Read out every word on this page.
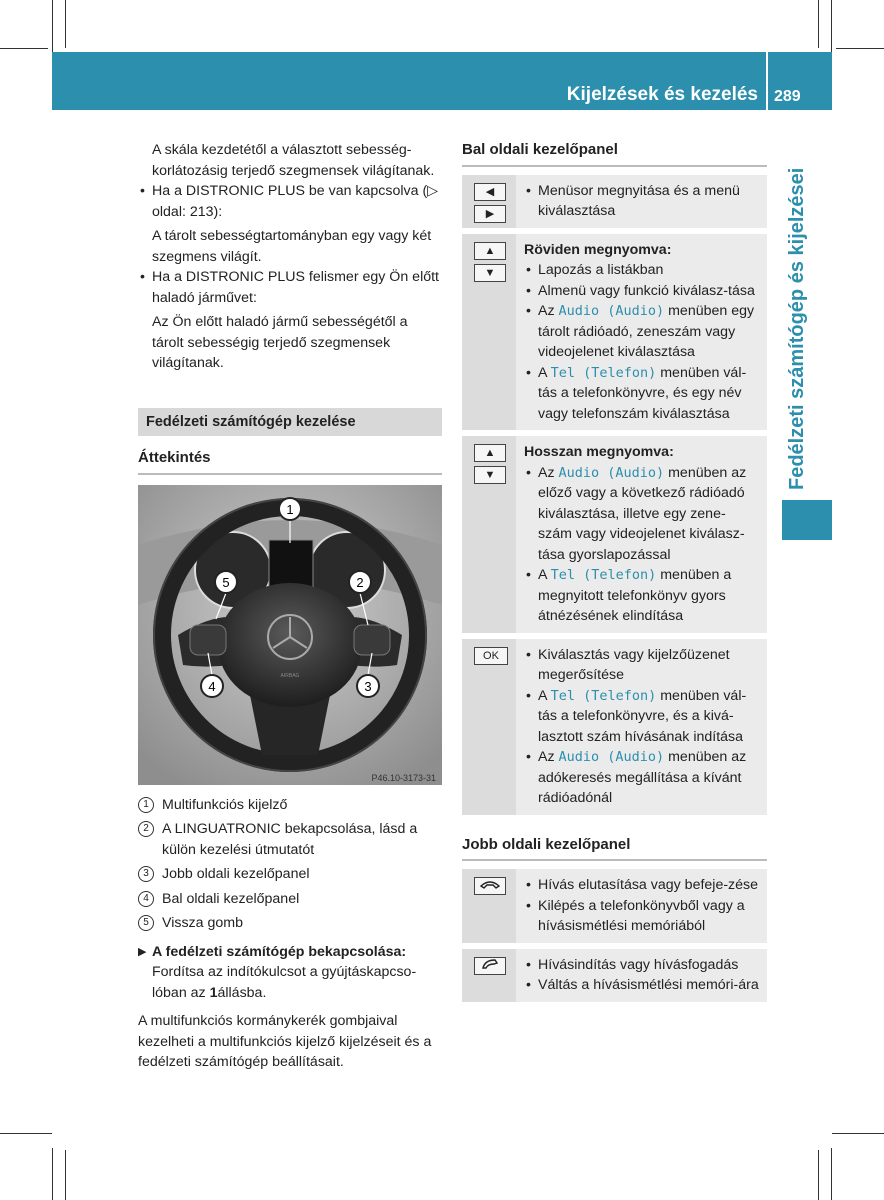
Kijelzések és kezelés 289
Fedélzeti számítógép és kijelzései

A skála kezdetétől a választott sebesség-korlátozásig terjedő szegmensek világítanak.

• Ha a DISTRONIC PLUS be van kapcsolva (▷ oldal: 213):

A tárolt sebességtartományban egy vagy két szegmens világít.

• Ha a DISTRONIC PLUS felismer egy Ön előtt haladó járművet:

Az Ön előtt haladó jármű sebességétől a tárolt sebességig terjedő szegmensek világítanak.

Fedélzeti számítógép kezelése
Áttekintés
AIRBAG
1
2
3
4
5
P46.10-3173-31
1 Multifunkciós kijelző
2 A LINGUATRONIC bekapcsolása, lásd a külön kezelési útmutatót
3 Jobb oldali kezelőpanel
4 Bal oldali kezelőpanel
5 Vissza gomb
▶ A fedélzeti számítógép bekapcsolása:
Fordítsa az indítókulcsot a gyújtáskapcso-lóban az 1állásba.

A multifunkciós kormánykerék gombjaival kezelheti a multifunkciós kijelző kijelzéseit és a fedélzeti számítógép beállításait.

Bal oldali kezelőpanel
◀
▶
• Menüsor megnyitása és a menü kiválasztása
▲
▼
Röviden megnyomva:
• Lapozás a listákban
• Almenü vagy funkció kiválasz-tása
• Az Audio (Audio) menüben egy tárolt rádióadó, zeneszám vagy videojelenet kiválasztása
• A Tel (Telefon) menüben vál-tás a telefonkönyvre, és egy név vagy telefonszám kiválasztása
▲
▼
Hosszan megnyomva:
• Az Audio (Audio) menüben az előző vagy a következő rádióadó kiválasztása, illetve egy zene-szám vagy videojelenet kiválasz-tása gyorslapozással
• A Tel (Telefon) menüben a megnyitott telefonkönyv gyors átnézésének elindítása
OK
•	Kiválasztás vagy kijelzőüzenet megerősítése
• A Tel (Telefon) menüben vál-tás a telefonkönyvre, és a kivá-lasztott szám hívásának indítása
• Az Audio (Audio) menüben az adókeresés megállítása a kívánt rádióadónál
Jobb oldali kezelőpanel
• Hívás elutasítása vagy befeje-zése
• Kilépés a telefonkönyvből vagy a hívásismétlési memóriából
• Hívásindítás vagy hívásfogadás
• Váltás a hívásismétlési memóri-ára
